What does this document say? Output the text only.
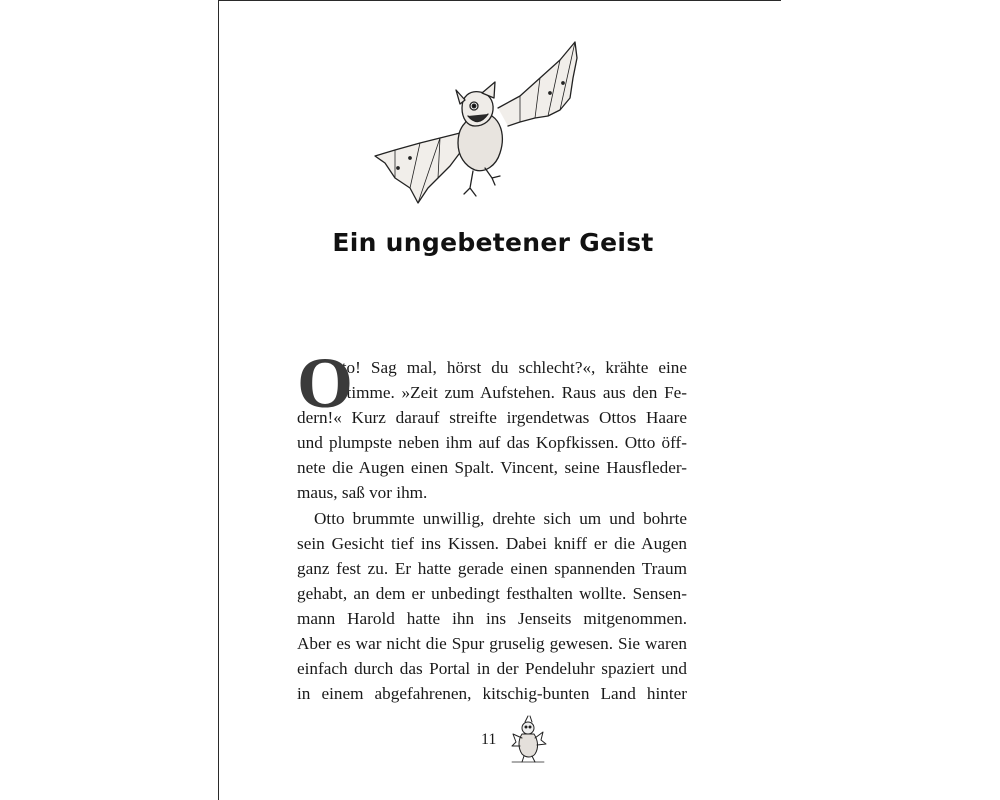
Ein ungebetener Geist
O
tto! Sag mal, hörst du schlecht?«, krähte eine
Stimme. »Zeit zum Aufstehen. Raus aus den Fe-
dern!« Kurz darauf streifte irgendetwas Ottos Haare
und plumpste neben ihm auf das Kopfkissen. Otto öff-
nete die Augen einen Spalt. Vincent, seine Hausfleder-
maus, saß vor ihm.
Otto brummte unwillig, drehte sich um und bohrte
sein Gesicht tief ins Kissen. Dabei kniff er die Augen
ganz fest zu. Er hatte gerade einen spannenden Traum
gehabt, an dem er unbedingt festhalten wollte. Sensen-
mann Harold hatte ihn ins Jenseits mitgenommen.
Aber es war nicht die Spur gruselig gewesen. Sie waren
einfach durch das Portal in der Pendeluhr spaziert und
in einem abgefahrenen, kitschig-bunten Land hinter
11
